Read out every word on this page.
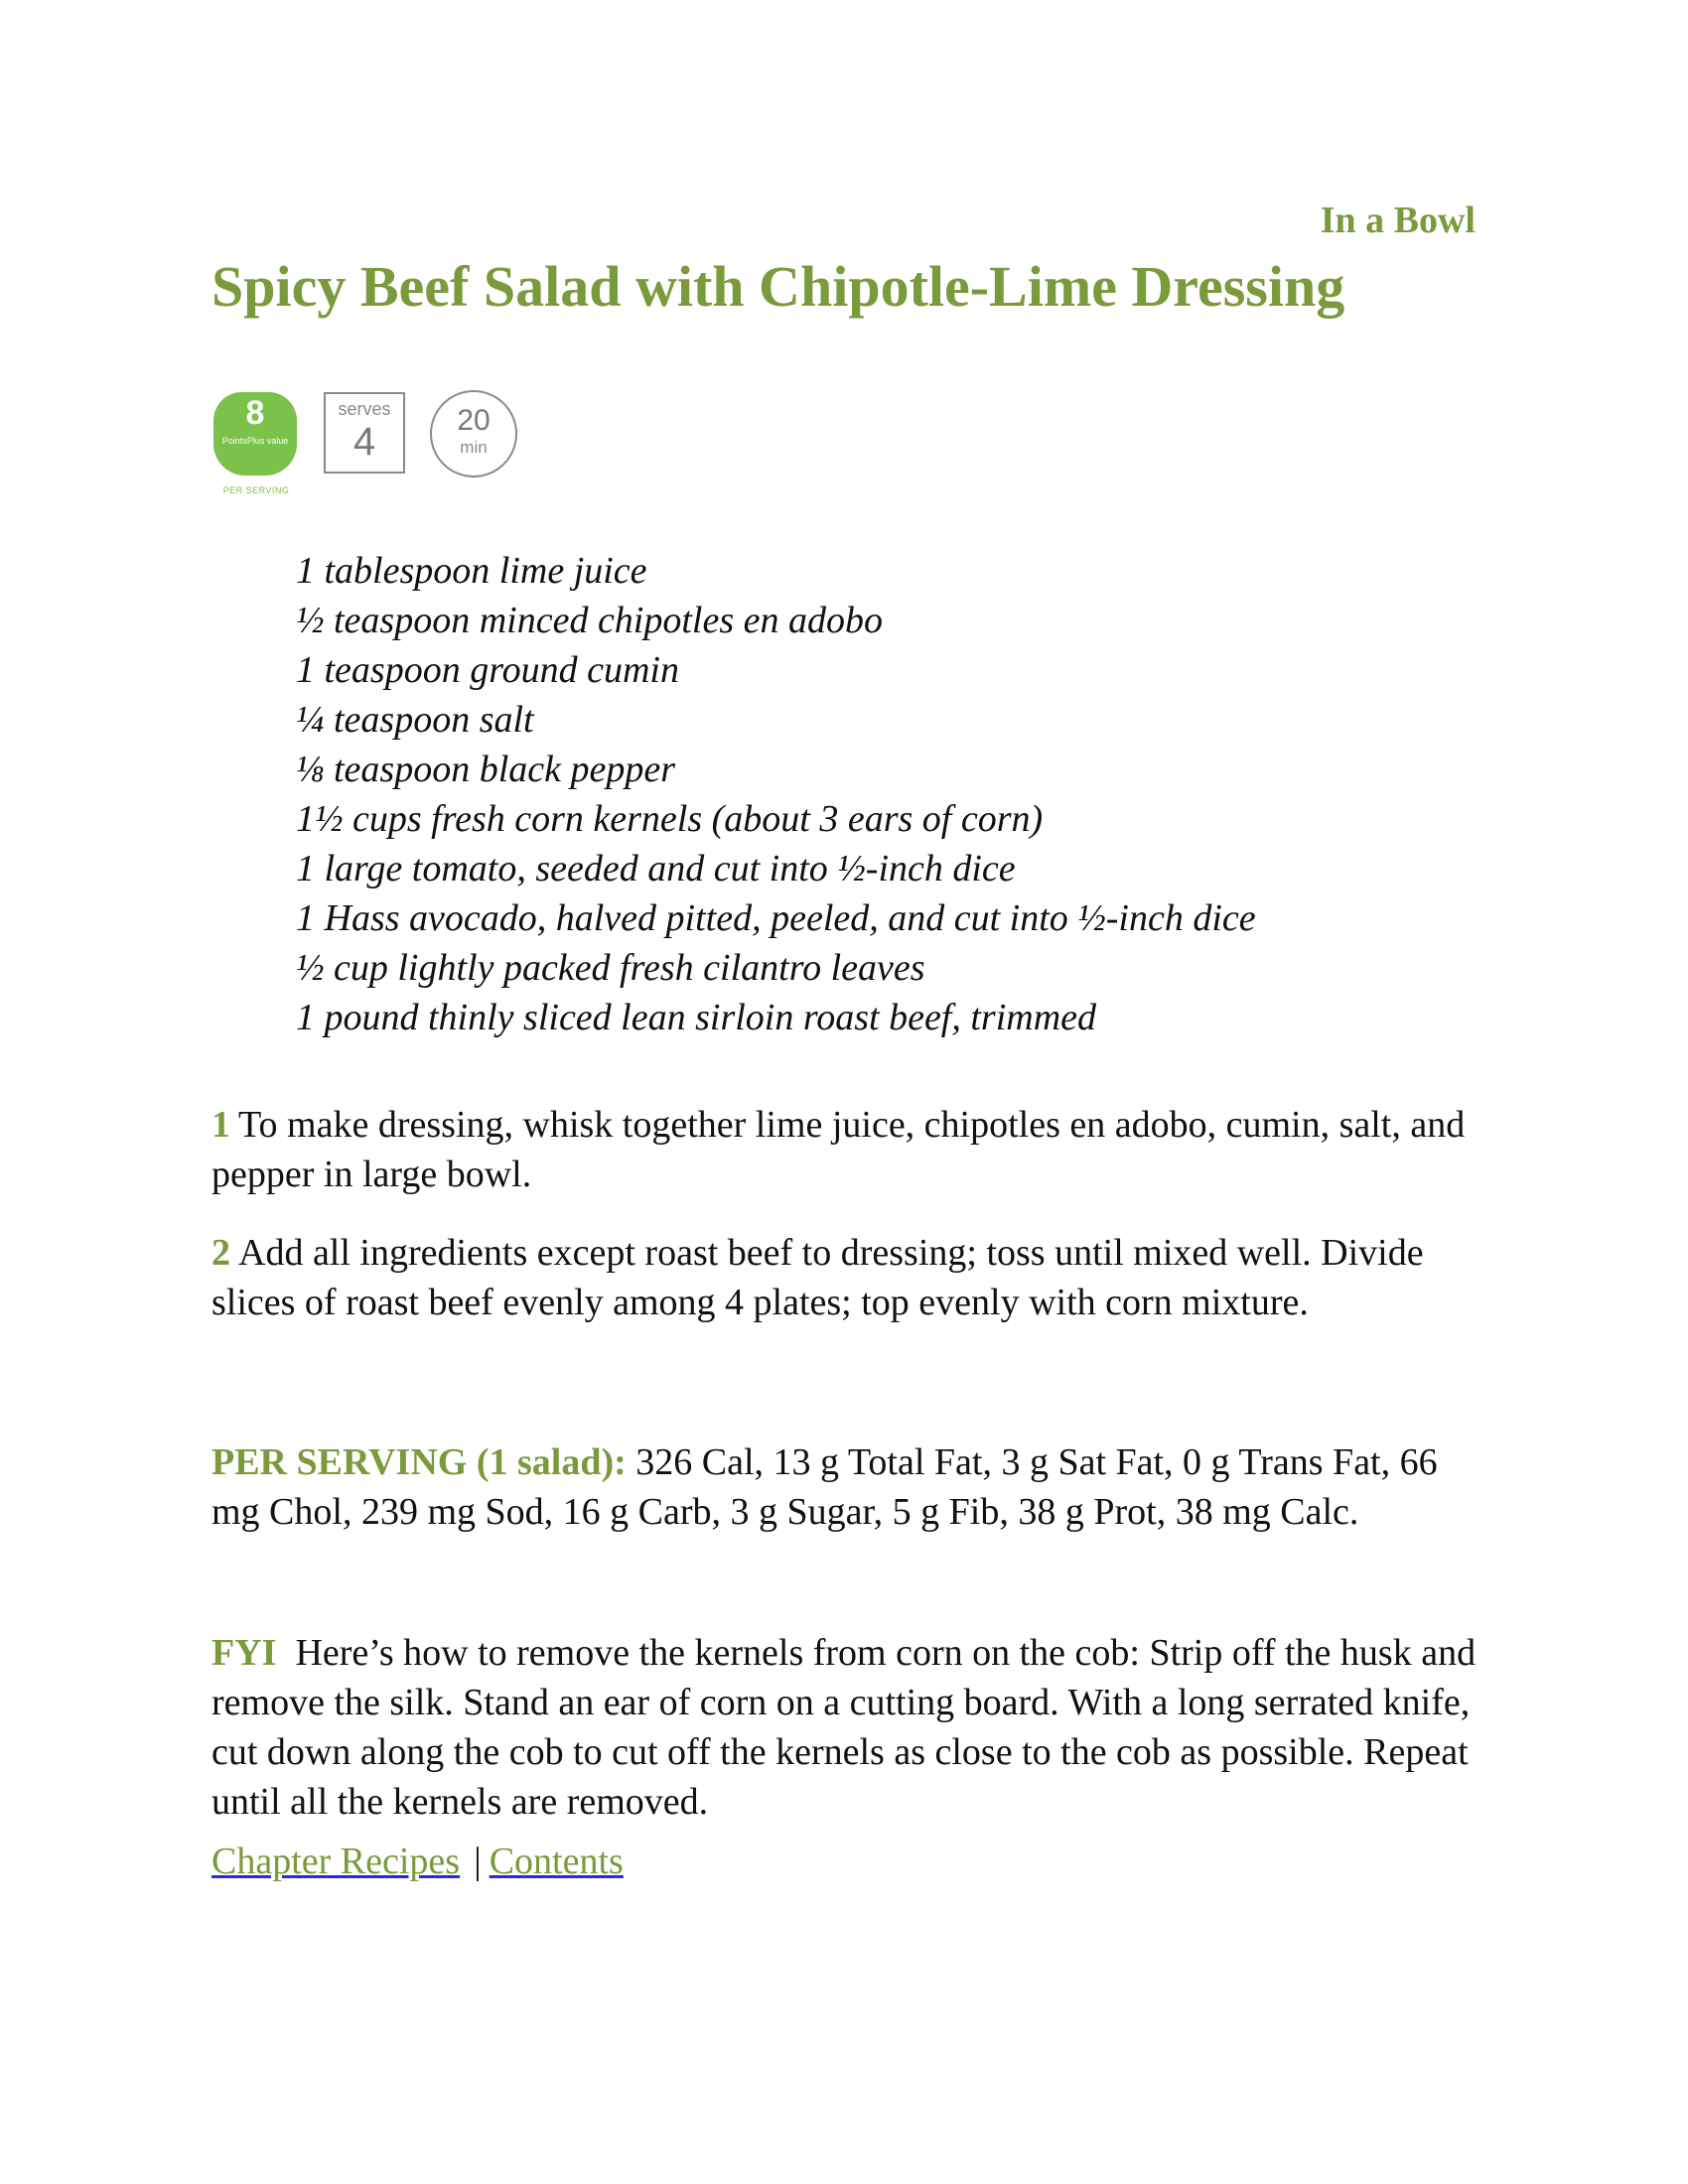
In a Bowl
Spicy Beef Salad with Chipotle-Lime Dressing
8
PointsPlus value
PER SERVING
serves
4	20
min
1 tablespoon lime juice
½ teaspoon minced chipotles en adobo
1 teaspoon ground cumin
¼ teaspoon salt
⅛ teaspoon black pepper
1½ cups fresh corn kernels (about 3 ears of corn)
1 large tomato, seeded and cut into ½-inch dice
1 Hass avocado, halved pitted, peeled, and cut into ½-inch dice
½ cup lightly packed fresh cilantro leaves
1 pound thinly sliced lean sirloin roast beef, trimmed

1 To make dressing, whisk together lime juice, chipotles en adobo, cumin, salt, and pepper in large bowl.

2 Add all ingredients except roast beef to dressing; toss until mixed well. Divide slices of roast beef evenly among 4 plates; top evenly with corn mixture.

PER SERVING (1 salad): 326 Cal, 13 g Total Fat, 3 g Sat Fat, 0 g Trans Fat, 66 mg Chol, 239 mg Sod, 16 g Carb, 3 g Sugar, 5 g Fib, 38 g Prot, 38 mg Calc.

FYI Here’s how to remove the kernels from corn on the cob: Strip off the husk and remove the silk. Stand an ear of corn on a cutting board. With a long serrated knife, cut down along the cob to cut off the kernels as close to the cob as possible. Repeat until all the kernels are removed.

Chapter Recipes | Contents
